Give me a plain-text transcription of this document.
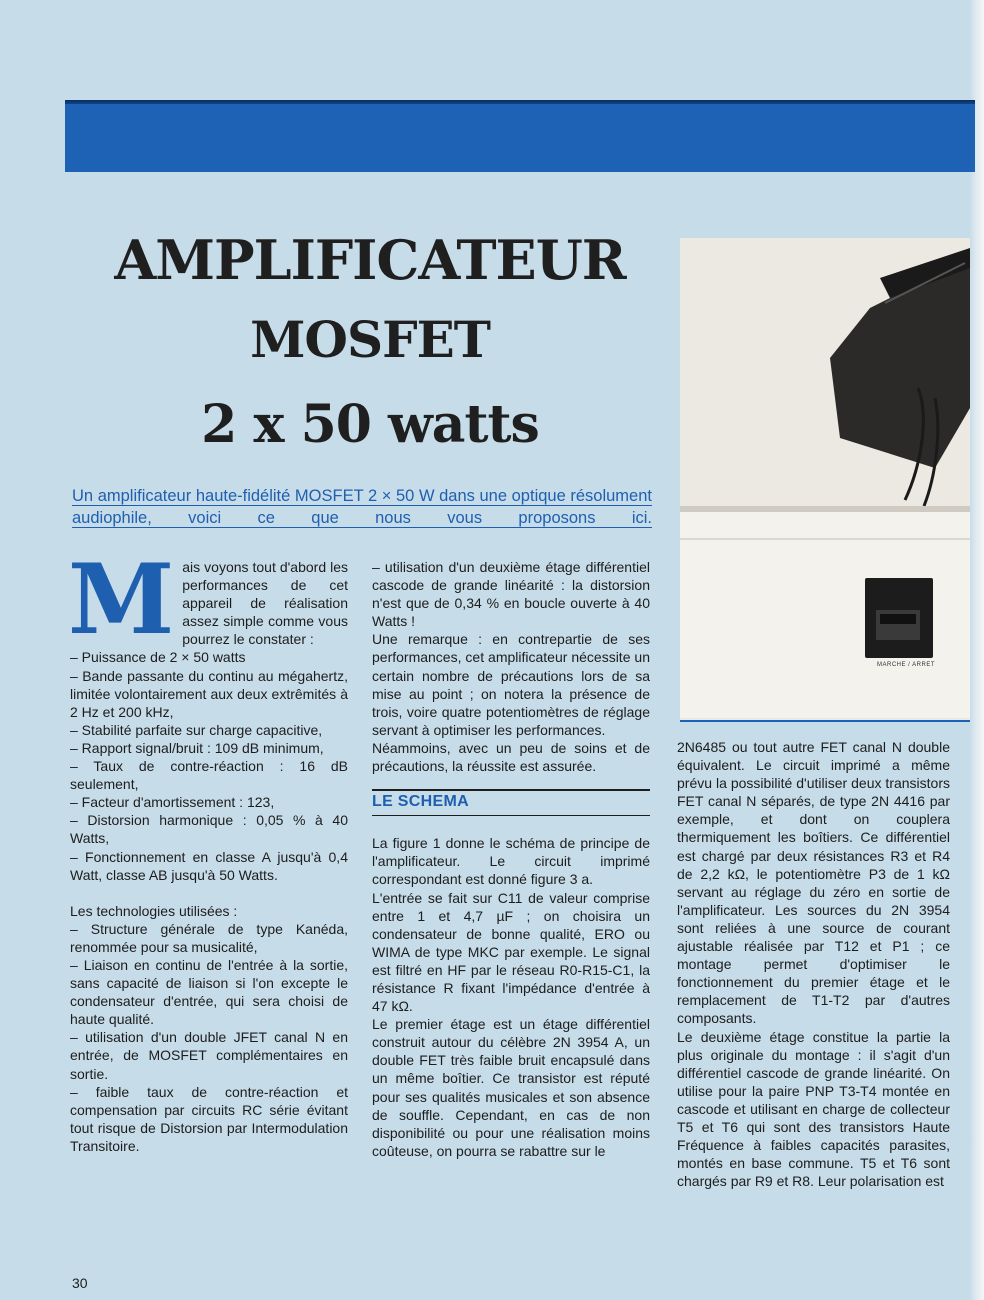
AMPLIFICATEUR
MOSFET
2 x 50 watts
Un amplificateur haute-fidélité MOSFET 2 × 50 W dans une optique résolument audiophile, voici ce que nous vous proposons ici.
M ais voyons tout d'abord les performances de cet appareil de réalisation assez simple comme vous pourrez le constater :

– Puissance de 2 × 50 watts

– Bande passante du continu au mégahertz, limitée volontairement aux deux extrêmités à 2 Hz et 200 kHz,

– Stabilité parfaite sur charge capacitive,

– Rapport signal/bruit : 109 dB minimum,

– Taux de contre-réaction : 16 dB seulement,

– Facteur d'amortissement : 123,

– Distorsion harmonique : 0,05 % à 40 Watts,

– Fonctionnement en classe A jusqu'à 0,4 Watt, classe AB jusqu'à 50 Watts.

Les technologies utilisées :

– Structure générale de type Kanéda, renommée pour sa musicalité,

– Liaison en continu de l'entrée à la sortie, sans capacité de liaison si l'on excepte le condensateur d'entrée, qui sera choisi de haute qualité.

– utilisation d'un double JFET canal N en entrée, de MOSFET complémentaires en sortie.

– faible taux de contre-réaction et compensation par circuits RC série évitant tout risque de Distorsion par Intermodulation Transitoire.

– utilisation d'un deuxième étage différentiel cascode de grande linéarité : la distorsion n'est que de 0,34 % en boucle ouverte à 40 Watts !

Une remarque : en contrepartie de ses performances, cet amplificateur nécessite un certain nombre de précautions lors de sa mise au point ; on notera la présence de trois, voire quatre potentiomètres de réglage servant à optimiser les performances.

Néammoins, avec un peu de soins et de précautions, la réussite est assurée.

LE SCHEMA

La figure 1 donne le schéma de principe de l'amplificateur. Le circuit imprimé correspondant est donné figure 3 a.

L'entrée se fait sur C11 de valeur comprise entre 1 et 4,7 µF ; on choisira un condensateur de bonne qualité, ERO ou WIMA de type MKC par exemple. Le signal est filtré en HF par le réseau R0-R15-C1, la résistance R fixant l'impédance d'entrée à 47 kΩ.

Le premier étage est un étage différentiel construit autour du célèbre 2N 3954 A, un double FET très faible bruit encapsulé dans un même boîtier. Ce transistor est réputé pour ses qualités musicales et son absence de souffle. Cependant, en cas de non disponibilité ou pour une réalisation moins coûteuse, on pourra se rabattre sur le

MARCHE / ARRET

2N6485 ou tout autre FET canal N double équivalent. Le circuit imprimé a même prévu la possibilité d'utiliser deux transistors FET canal N séparés, de type 2N 4416 par exemple, et dont on couplera thermiquement les boîtiers. Ce différentiel est chargé par deux résistances R3 et R4 de 2,2 kΩ, le potentiomètre P3 de 1 kΩ servant au réglage du zéro en sortie de l'amplificateur. Les sources du 2N 3954 sont reliées à une source de courant ajustable réalisée par T12 et P1 ; ce montage permet d'optimiser le fonctionnement du premier étage et le remplacement de T1-T2 par d'autres composants.

Le deuxième étage constitue la partie la plus originale du montage : il s'agit d'un différentiel cascode de grande linéarité. On utilise pour la paire PNP T3-T4 montée en cascode et utilisant en charge de collecteur T5 et T6 qui sont des transistors Haute Fréquence à faibles capacités parasites, montés en base commune. T5 et T6 sont chargés par R9 et R8. Leur polarisation est

30
